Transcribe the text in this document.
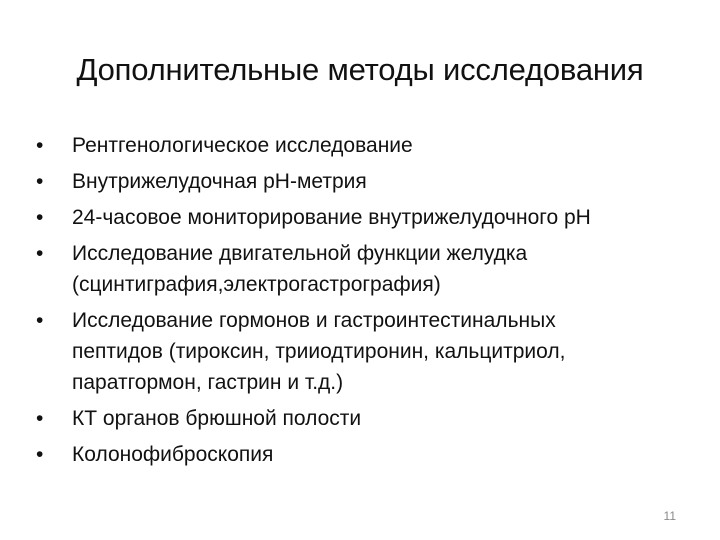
Дополнительные методы исследования
•	Рентгенологическое исследование
•	Внутрижелудочная рН-метрия
•	24-часовое мониторирование внутрижелудочного рН
•	Исследование двигательной функции желудка (сцинтиграфия,электрогастрография)
•	Исследование гормонов и гастроинтестинальных пептидов (тироксин, трииодтиронин, кальцитриол, паратгормон, гастрин и т.д.)
•	КТ органов брюшной полости
•	Колонофиброскопия
11
